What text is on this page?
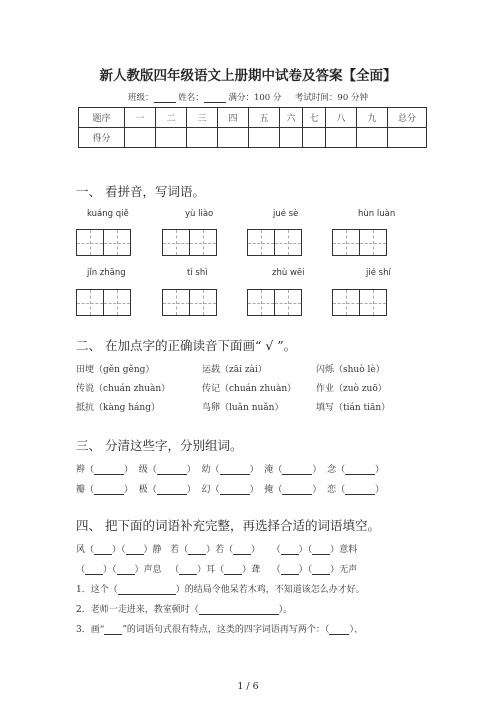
新人教版四年级语文上册期中试卷及答案【全面】
班级：	姓名：	满分：100 分 考试时间：90 分钟
题序	一	二	三	四	五	六	七	八	九	总分
得分										
一、 看拼音，写词语。
kuáng qiě	yù liào	jué sè	hùn luàn
jǐn zhāng	tì shì	zhù wēi	jié shí
二、 在加点字的正确读音下面画“ √ ”。
田埂（gěn gěng）	运载（zāi zài）	闪烁（shuò lè）
传说（chuán zhuàn）	传记（chuán zhuàn） 作业（zuò zuō）
抵抗（kàng háng）	鸟卵（luǎn nuǎn）	填写（tián tiān）
三、 分清这些字，分别组词。
辫（	）  级（	）  幼（	）  淹（	）  念（	）
瓣（	）  极（	）  幻（	）  掩（	）  恋（	）
四、 把下面的词语补充完整，再选择合适的词语填空。
风（ ）（ ）静 若（ ）若（ ） （ ）（ ）意料
（ ）（ ）声息 （ ）耳（ ）聋 （ ）（ ）无声
1．这个（	）的结局令他呆若木鸡，不知道该怎么办才好。
2．老师一走进来，教室顿时（	）。
3．画“ ”的词语句式很有特点，这类的四字词语再写两个：（ ）、
1 / 6
